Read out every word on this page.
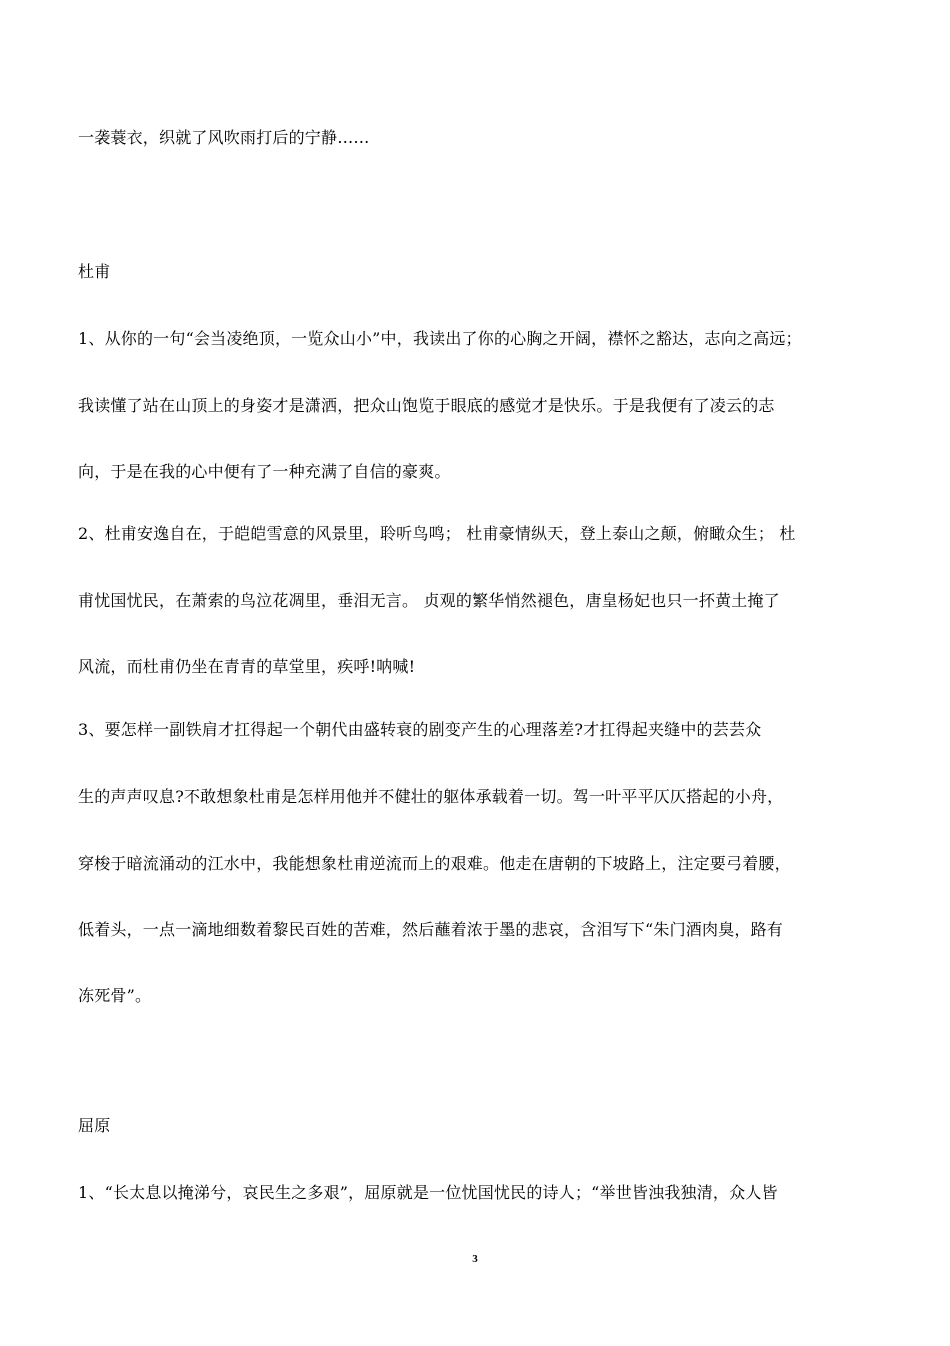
一袭蓑衣，织就了风吹雨打后的宁静……
杜甫
1、从你的一句“会当凌绝顶，一览众山小”中，我读出了你的心胸之开阔，襟怀之豁达，志向之高远；
我读懂了站在山顶上的身姿才是潇洒，把众山饱览于眼底的感觉才是快乐。于是我便有了凌云的志
向，于是在我的心中便有了一种充满了自信的豪爽。
2、杜甫安逸自在，于皑皑雪意的风景里，聆听鸟鸣； 杜甫豪情纵天，登上泰山之颠，俯瞰众生； 杜
甫忧国忧民，在萧索的鸟泣花凋里，垂泪无言。 贞观的繁华悄然褪色，唐皇杨妃也只一抔黄土掩了
风流，而杜甫仍坐在青青的草堂里，疾呼!呐喊!
3、要怎样一副铁肩才扛得起一个朝代由盛转衰的剧变产生的心理落差?才扛得起夹缝中的芸芸众
生的声声叹息?不敢想象杜甫是怎样用他并不健壮的躯体承载着一切。驾一叶平平仄仄搭起的小舟，
穿梭于暗流涌动的江水中，我能想象杜甫逆流而上的艰难。他走在唐朝的下坡路上，注定要弓着腰，
低着头，一点一滴地细数着黎民百姓的苦难，然后蘸着浓于墨的悲哀，含泪写下“朱门酒肉臭，路有
冻死骨”。
屈原
1、“长太息以掩涕兮，哀民生之多艰”，屈原就是一位忧国忧民的诗人；“举世皆浊我独清，众人皆
3
